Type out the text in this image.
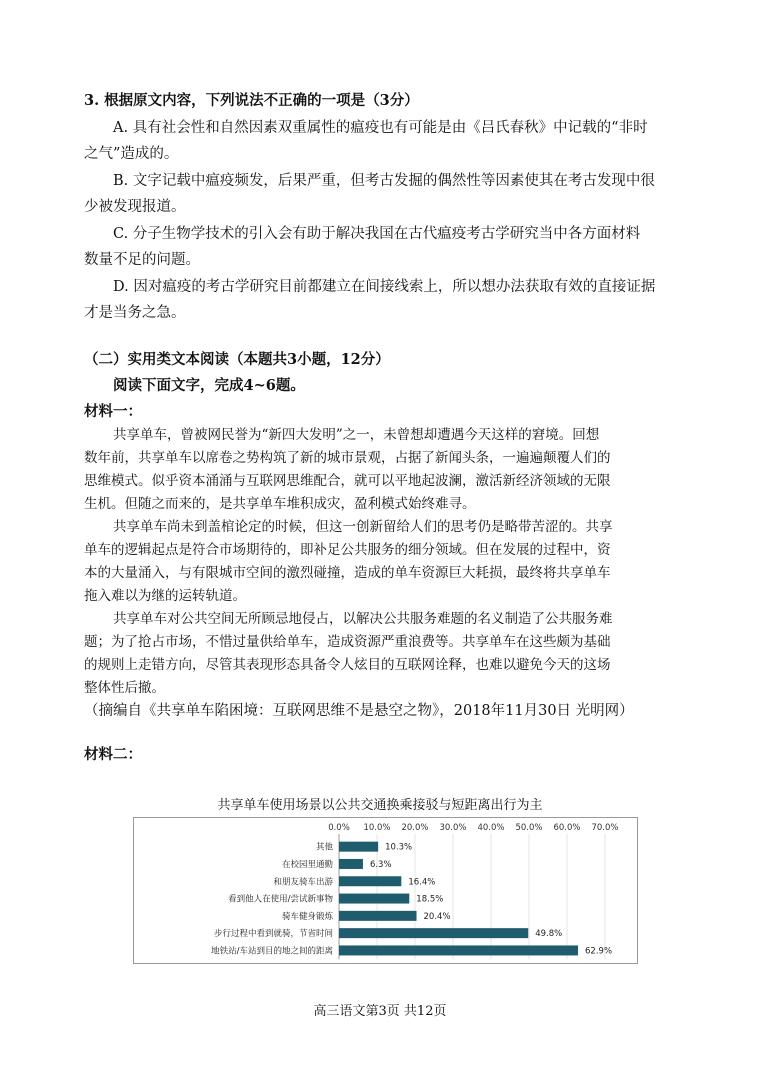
3. 根据原文内容，下列说法不正确的一项是（3分）
A. 具有社会性和自然因素双重属性的瘟疫也有可能是由《吕氏春秋》中记载的“非时
之气”造成的。
B. 文字记载中瘟疫频发，后果严重，但考古发掘的偶然性等因素使其在考古发现中很
少被发现报道。
C. 分子生物学技术的引入会有助于解决我国在古代瘟疫考古学研究当中各方面材料
数量不足的问题。
D. 因对瘟疫的考古学研究目前都建立在间接线索上，所以想办法获取有效的直接证据
才是当务之急。
（二）实用类文本阅读（本题共3小题，12分）
阅读下面文字，完成4~6题。
材料一：
共享单车，曾被网民誉为“新四大发明”之一，未曾想却遭遇今天这样的窘境。回想
数年前，共享单车以席卷之势构筑了新的城市景观，占据了新闻头条，一遍遍颠覆人们的
思维模式。似乎资本涌涌与互联网思维配合，就可以平地起波澜，激活新经济领域的无限
生机。但随之而来的，是共享单车堆积成灾，盈利模式始终难寻。
共享单车尚未到盖棺论定的时候，但这一创新留给人们的思考仍是略带苦涩的。共享
单车的逻辑起点是符合市场期待的，即补足公共服务的细分领域。但在发展的过程中，资
本的大量涌入，与有限城市空间的激烈碰撞，造成的单车资源巨大耗损，最终将共享单车
拖入难以为继的运转轨道。
共享单车对公共空间无所顾忌地侵占，以解决公共服务难题的名义制造了公共服务难
题；为了抢占市场，不惜过量供给单车，造成资源严重浪费等。共享单车在这些颇为基础
的规则上走错方向，尽管其表现形态具备令人炫目的互联网诠释，也难以避免今天的这场
整体性后撤。
（摘编自《共享单车陷困境：互联网思维不是悬空之物》，2018年11月30日 光明网）
材料二：
共享单车使用场景以公共交通换乘接驳与短距离出行为主
0.0% 10.0% 20.0% 30.0% 40.0% 50.0% 60.0% 70.0%
其他	10.3%
在校园里通勤	6.3%
和朋友骑车出游	16.4%
看到他人在使用/尝试新事物	18.5%
骑车健身锻炼	20.4%
步行过程中看到就骑，节省时间	49.8%
地铁站/车站到目的地之间的距离	62.9%
高三语文第3页 共12页
